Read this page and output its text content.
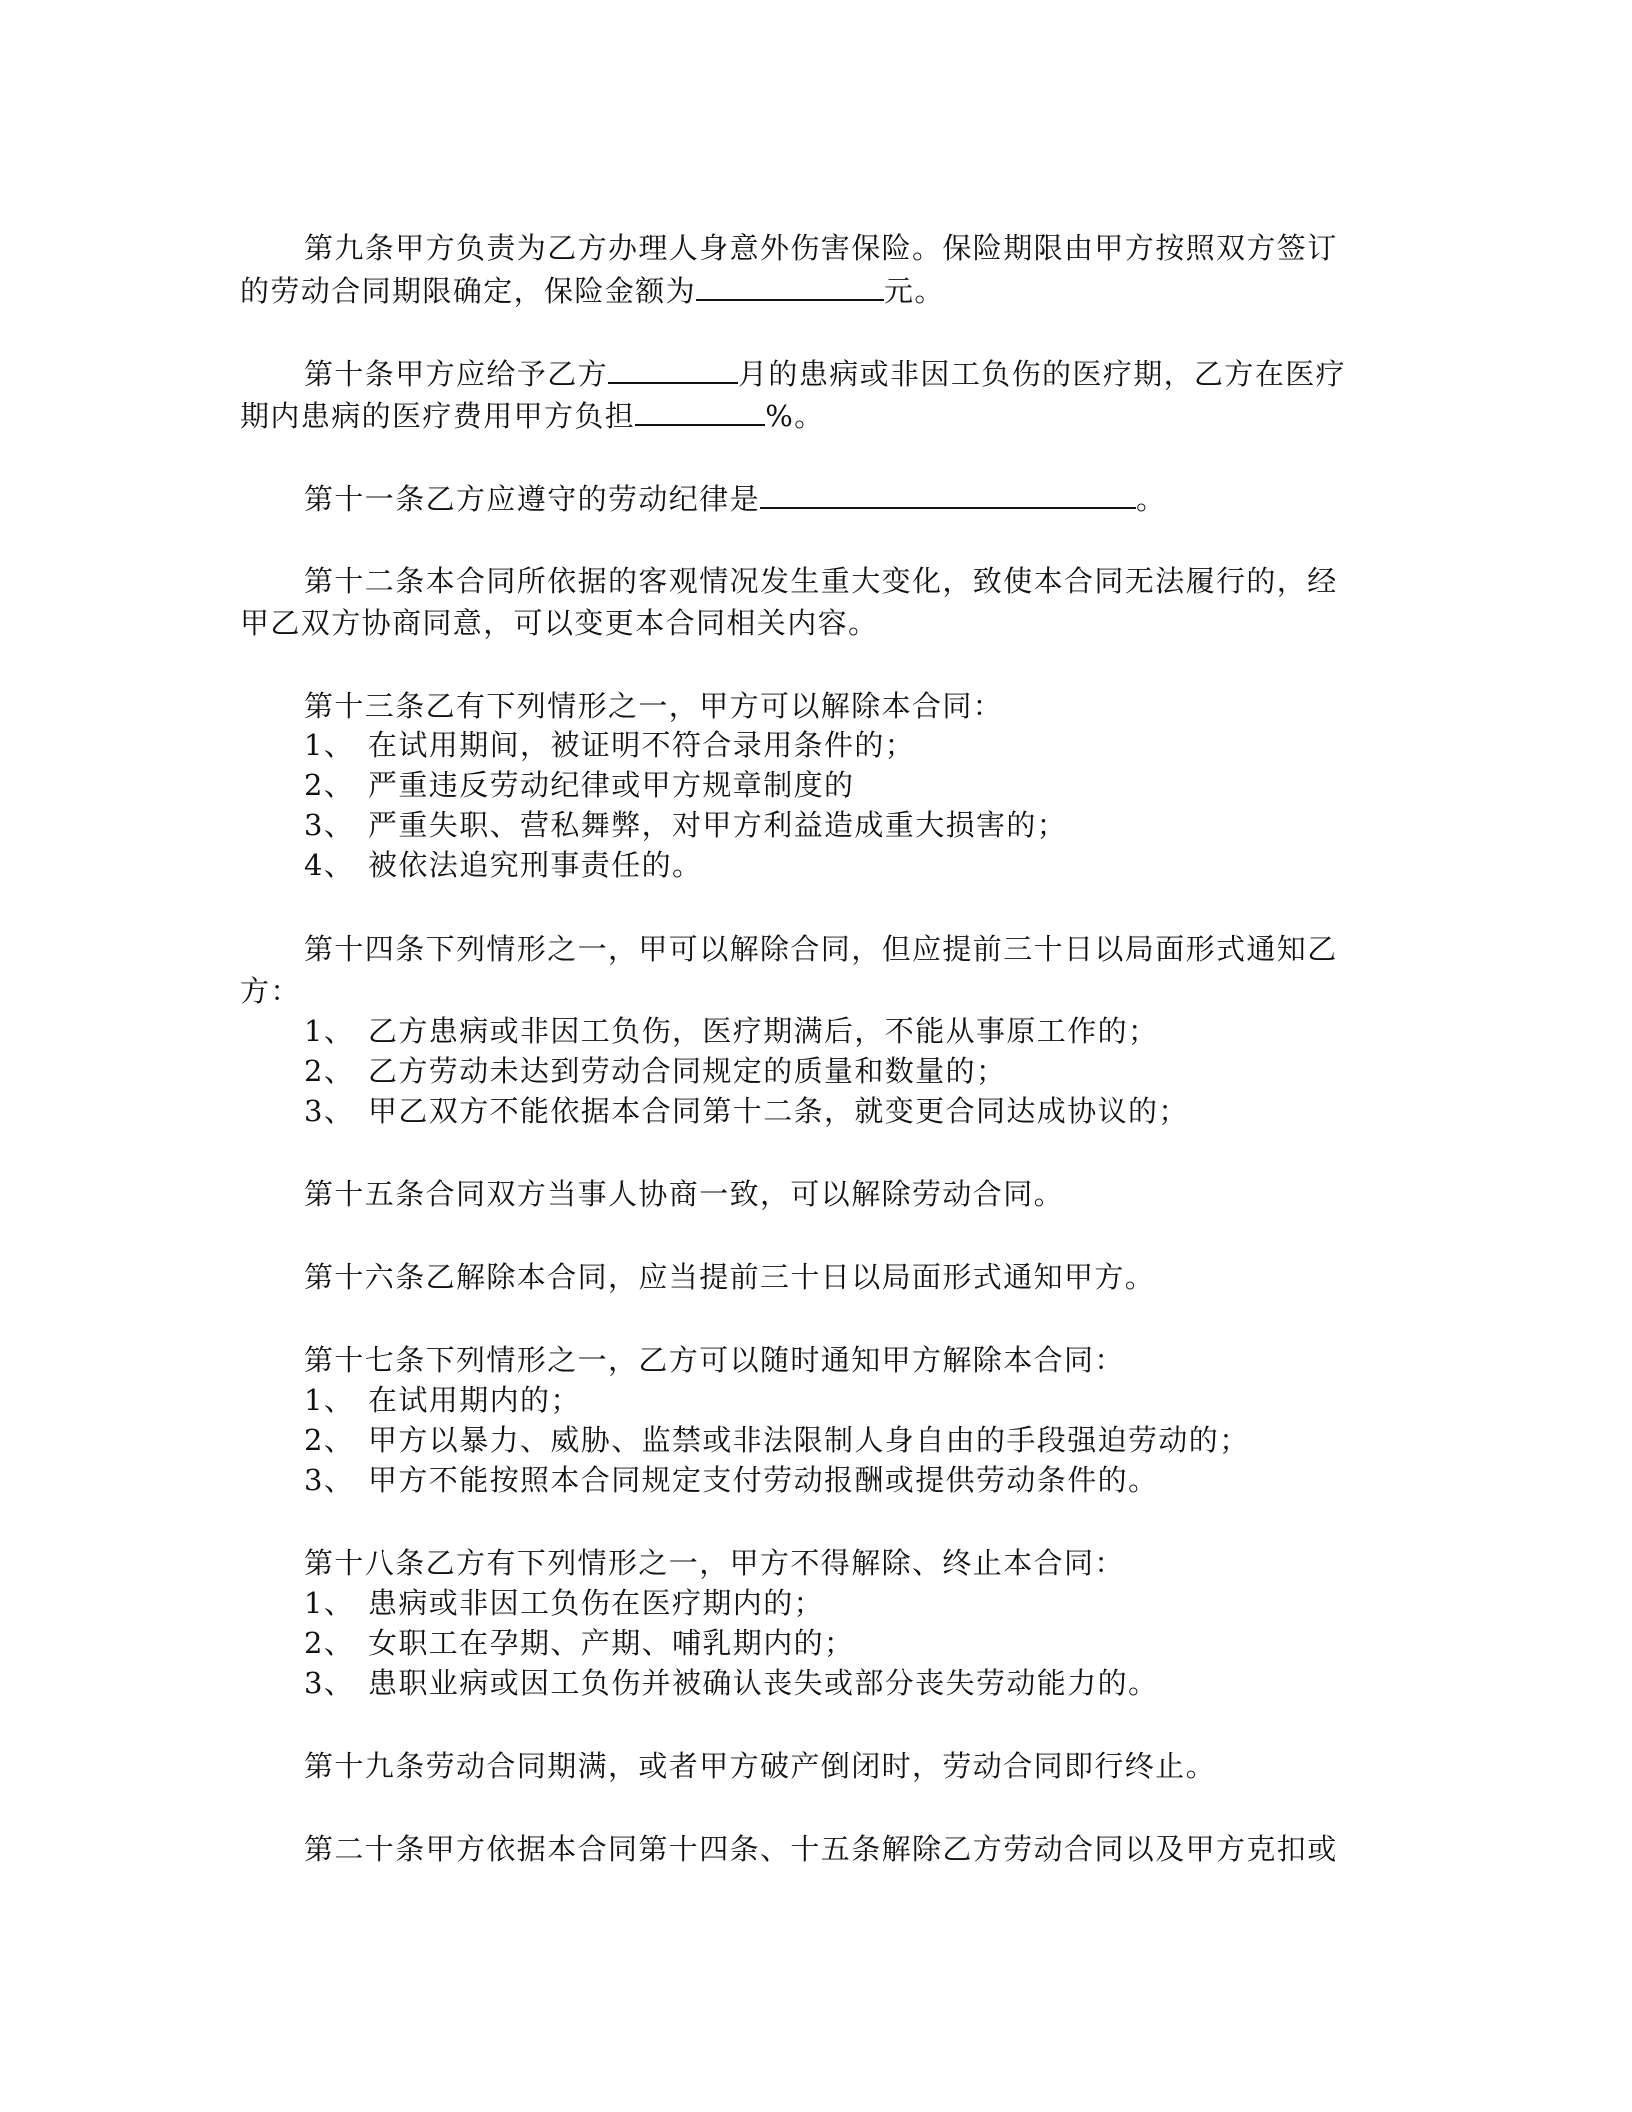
第九条甲方负责为乙方办理人身意外伤害保险。保险期限由甲方按照双方签订
的劳动合同期限确定，保险金额为	元。
第十条甲方应给予乙方	月的患病或非因工负伤的医疗期，乙方在医疗
期内患病的医疗费用甲方负担	%。
第十一条乙方应遵守的劳动纪律是	。
第十二条本合同所依据的客观情况发生重大变化，致使本合同无法履行的，经
甲乙双方协商同意，可以变更本合同相关内容。
第十三条乙有下列情形之一，甲方可以解除本合同：
1、 在试用期间，被证明不符合录用条件的；
2、 严重违反劳动纪律或甲方规章制度的
3、 严重失职、营私舞弊，对甲方利益造成重大损害的；
4、 被依法追究刑事责任的。
第十四条下列情形之一，甲可以解除合同，但应提前三十日以局面形式通知乙
方：
1、 乙方患病或非因工负伤，医疗期满后，不能从事原工作的；
2、 乙方劳动未达到劳动合同规定的质量和数量的；
3、 甲乙双方不能依据本合同第十二条，就变更合同达成协议的；
第十五条合同双方当事人协商一致，可以解除劳动合同。
第十六条乙解除本合同，应当提前三十日以局面形式通知甲方。
第十七条下列情形之一，乙方可以随时通知甲方解除本合同：
1、 在试用期内的；
2、 甲方以暴力、威胁、监禁或非法限制人身自由的手段强迫劳动的；
3、 甲方不能按照本合同规定支付劳动报酬或提供劳动条件的。
第十八条乙方有下列情形之一，甲方不得解除、终止本合同：
1、 患病或非因工负伤在医疗期内的；
2、 女职工在孕期、产期、哺乳期内的；
3、 患职业病或因工负伤并被确认丧失或部分丧失劳动能力的。
第十九条劳动合同期满，或者甲方破产倒闭时，劳动合同即行终止。
第二十条甲方依据本合同第十四条、十五条解除乙方劳动合同以及甲方克扣或
